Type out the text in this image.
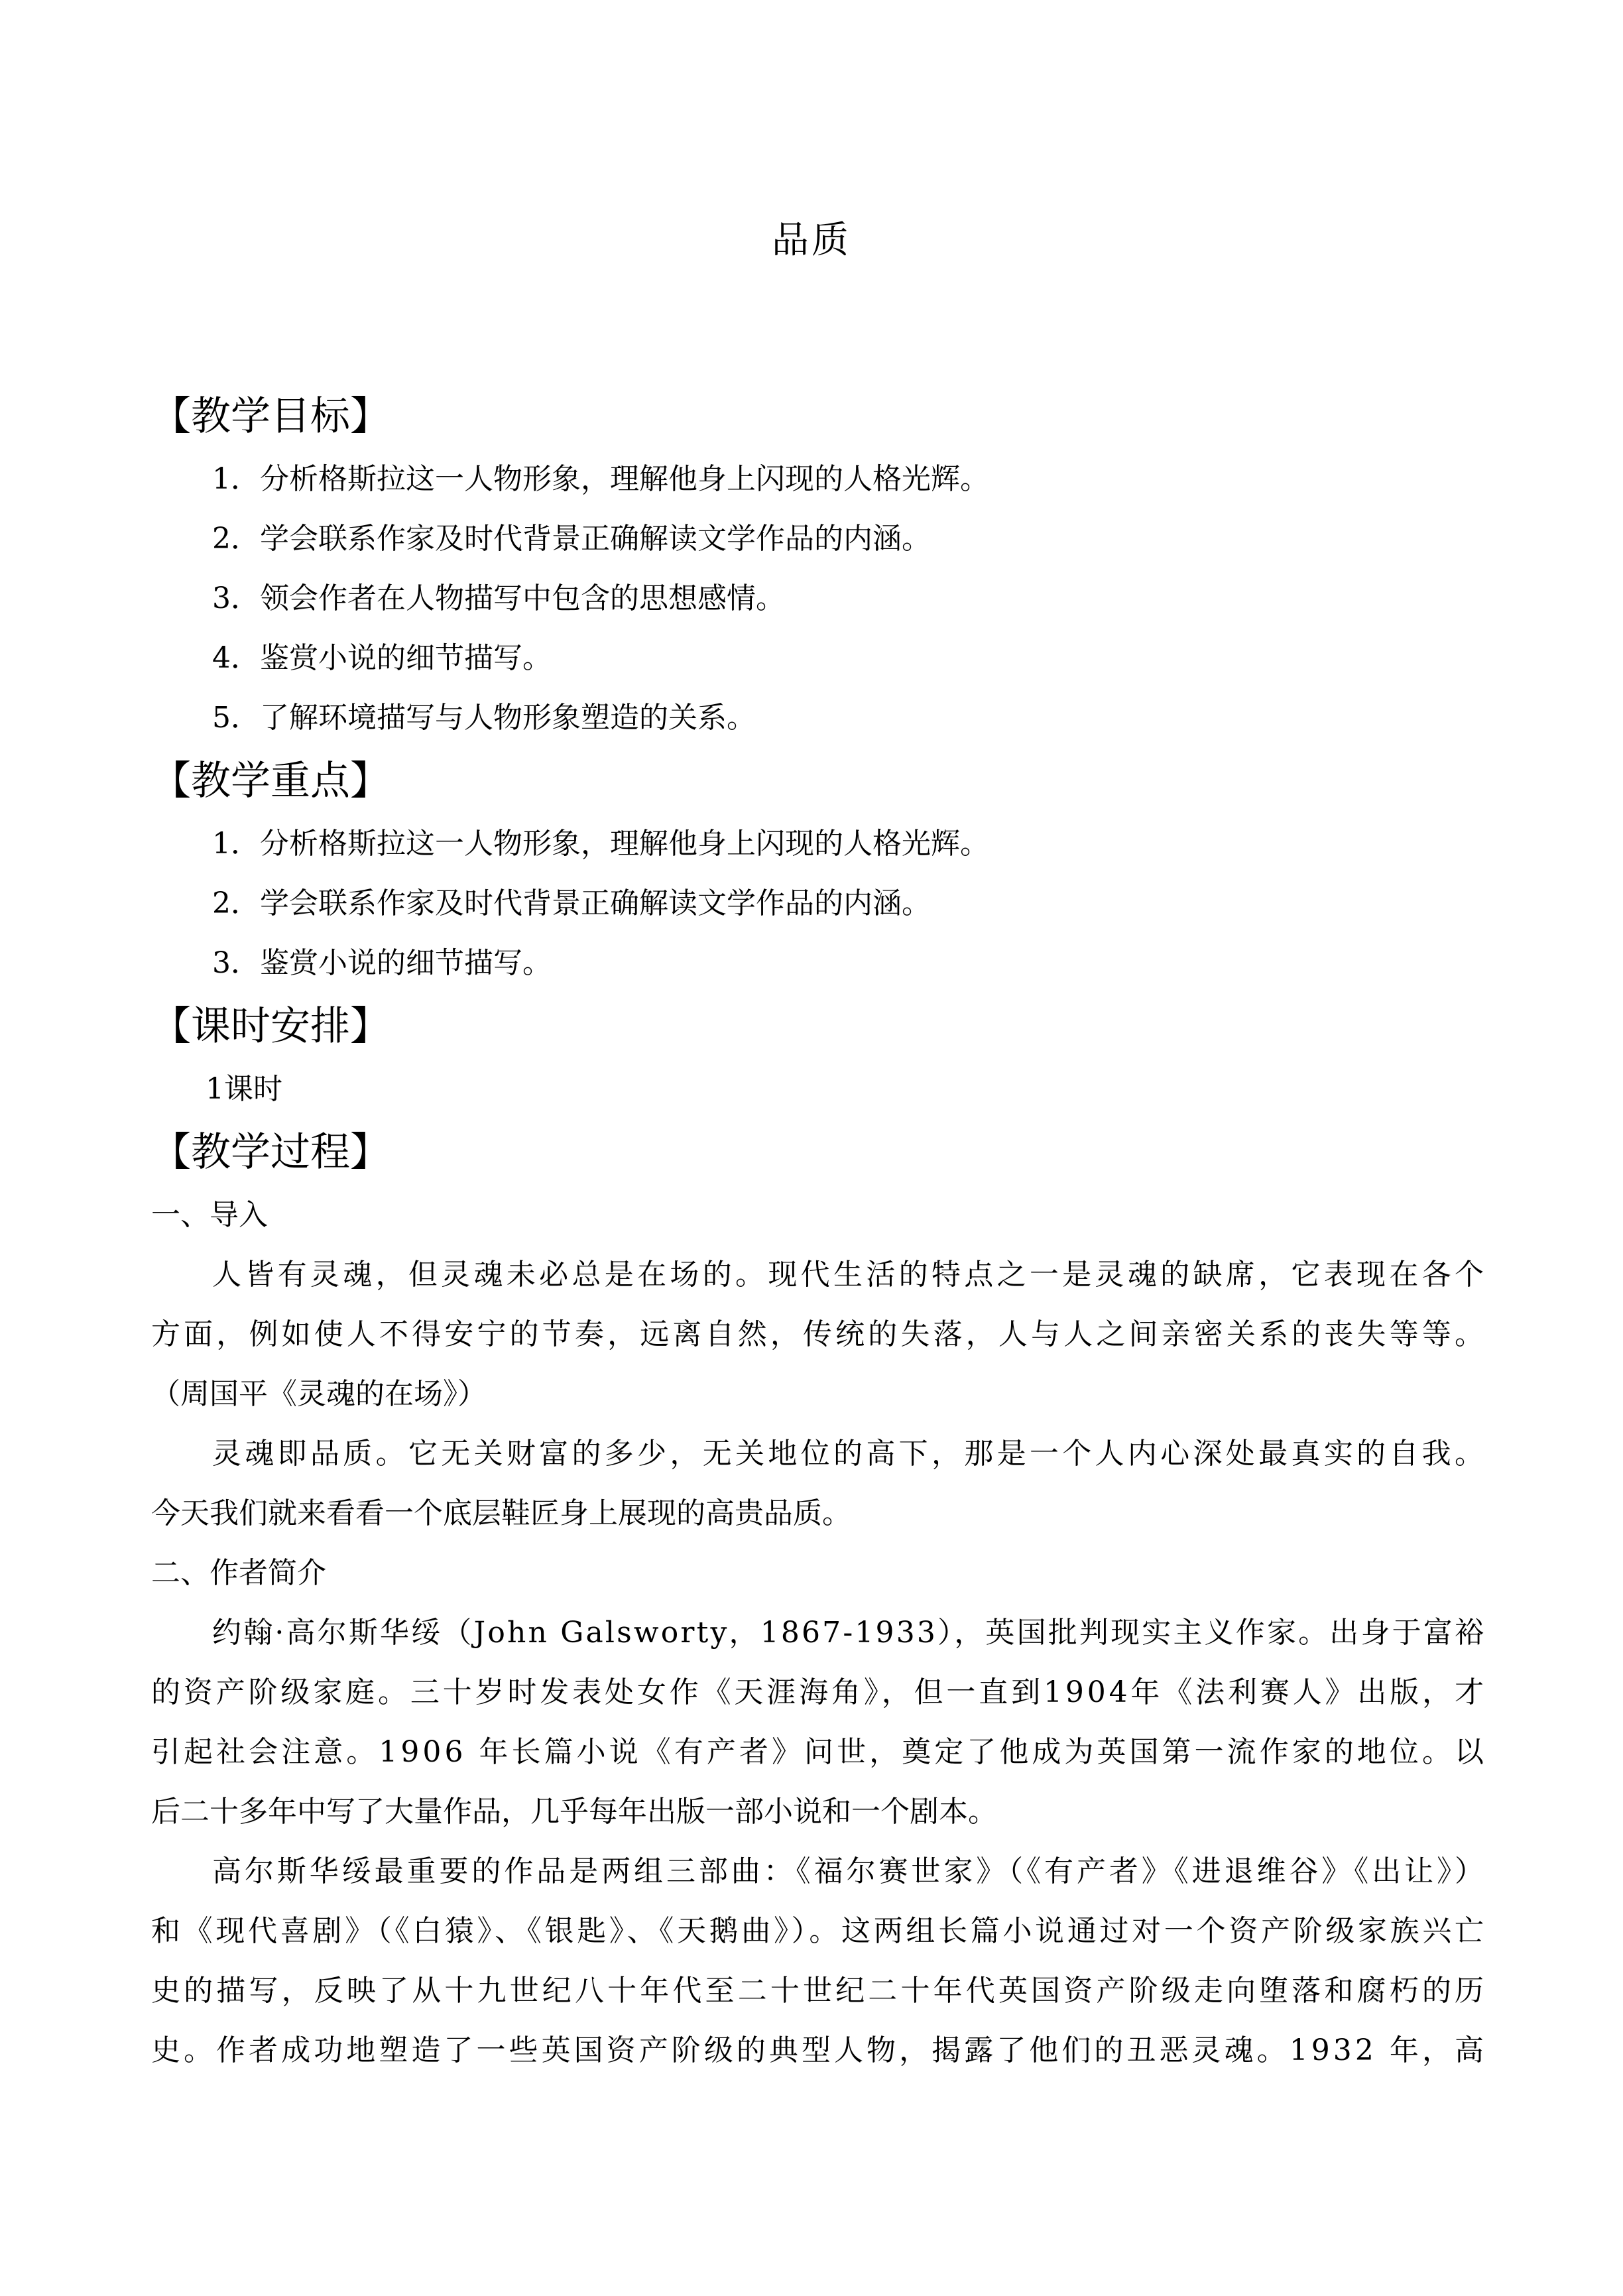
品质
【教学目标】
1．分析格斯拉这一人物形象，理解他身上闪现的人格光辉。
2．学会联系作家及时代背景正确解读文学作品的内涵。
3．领会作者在人物描写中包含的思想感情。
4．鉴赏小说的细节描写。
5．了解环境描写与人物形象塑造的关系。
【教学重点】
1．分析格斯拉这一人物形象，理解他身上闪现的人格光辉。
2．学会联系作家及时代背景正确解读文学作品的内涵。
3．鉴赏小说的细节描写。
【课时安排】
1课时
【教学过程】
一、导入
人皆有灵魂，但灵魂未必总是在场的。现代生活的特点之一是灵魂的缺席，它表现在各个
方面，例如使人不得安宁的节奏，远离自然，传统的失落，人与人之间亲密关系的丧失等等。
（周国平《灵魂的在场》）
灵魂即品质。它无关财富的多少，无关地位的高下，那是一个人内心深处最真实的自我。
今天我们就来看看一个底层鞋匠身上展现的高贵品质。
二、作者简介
约翰·高尔斯华绥（John Galsworty，1867-1933），英国批判现实主义作家。出身于富裕
的资产阶级家庭。三十岁时发表处女作《天涯海角》，但一直到1904年《法利赛人》出版，才
引起社会注意。1906 年长篇小说《有产者》问世，奠定了他成为英国第一流作家的地位。以
后二十多年中写了大量作品，几乎每年出版一部小说和一个剧本。
高尔斯华绥最重要的作品是两组三部曲：《福尔赛世家》（《有产者》《进退维谷》《出让》）
和《现代喜剧》（《白猿》、《银匙》、《天鹅曲》）。这两组长篇小说通过对一个资产阶级家族兴亡
史的描写，反映了从十九世纪八十年代至二十世纪二十年代英国资产阶级走向堕落和腐朽的历
史。作者成功地塑造了一些英国资产阶级的典型人物，揭露了他们的丑恶灵魂。1932 年，高
